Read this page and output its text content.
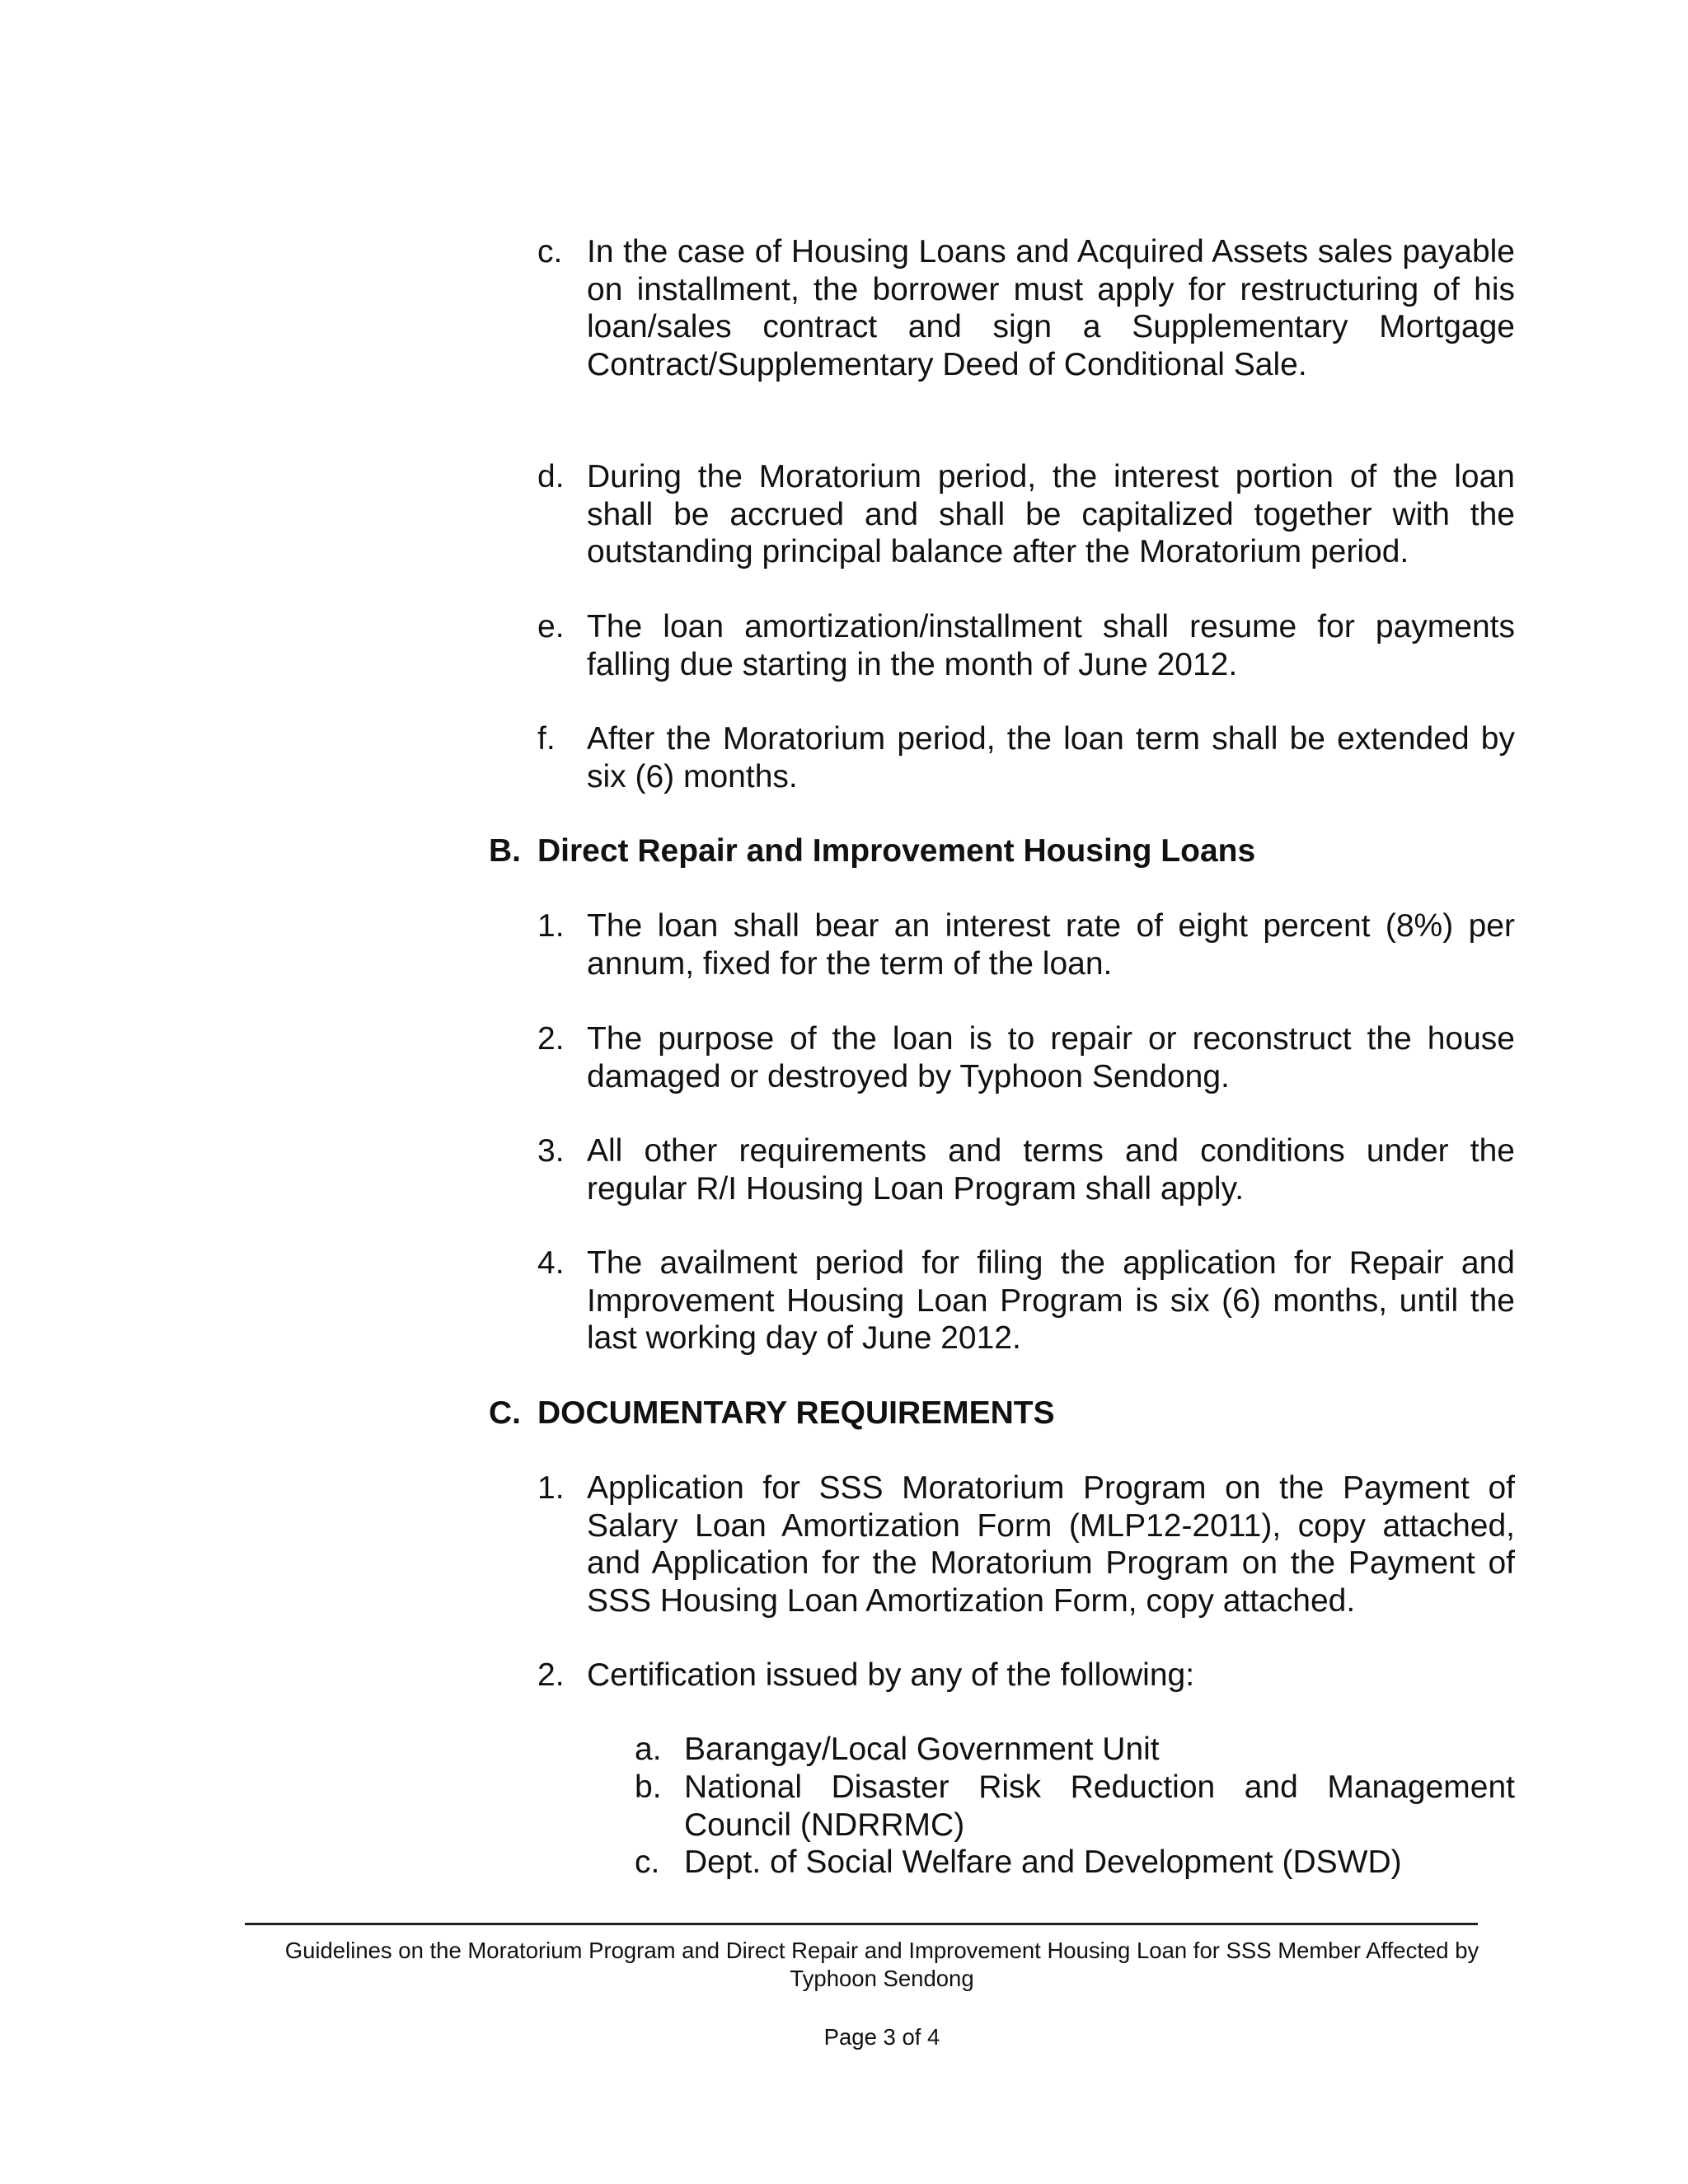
c. In the case of Housing Loans and Acquired Assets sales payable on installment, the borrower must apply for restructuring of his loan/sales contract and sign a Supplementary Mortgage Contract/Supplementary Deed of Conditional Sale.
d. During the Moratorium period, the interest portion of the loan shall be accrued and shall be capitalized together with the outstanding principal balance after the Moratorium period.
e. The loan amortization/installment shall resume for payments falling due starting in the month of June 2012.
f. After the Moratorium period, the loan term shall be extended by six (6) months.
B. Direct Repair and Improvement Housing Loans
1. The loan shall bear an interest rate of eight percent (8%) per annum, fixed for the term of the loan.
2. The purpose of the loan is to repair or reconstruct the house damaged or destroyed by Typhoon Sendong.
3. All other requirements and terms and conditions under the regular R/I Housing Loan Program shall apply.
4. The availment period for filing the application for Repair and Improvement Housing Loan Program is six (6) months, until the last working day of June 2012.
C. DOCUMENTARY REQUIREMENTS
1. Application for SSS Moratorium Program on the Payment of Salary Loan Amortization Form (MLP12-2011), copy attached, and Application for the Moratorium Program on the Payment of SSS Housing Loan Amortization Form, copy attached.
2. Certification issued by any of the following:
a. Barangay/Local Government Unit
b. National Disaster Risk Reduction and Management Council (NDRRMC)
c. Dept. of Social Welfare and Development (DSWD)
Guidelines on the Moratorium Program and Direct Repair and Improvement Housing Loan for SSS Member Affected by Typhoon Sendong
Page 3 of 4
